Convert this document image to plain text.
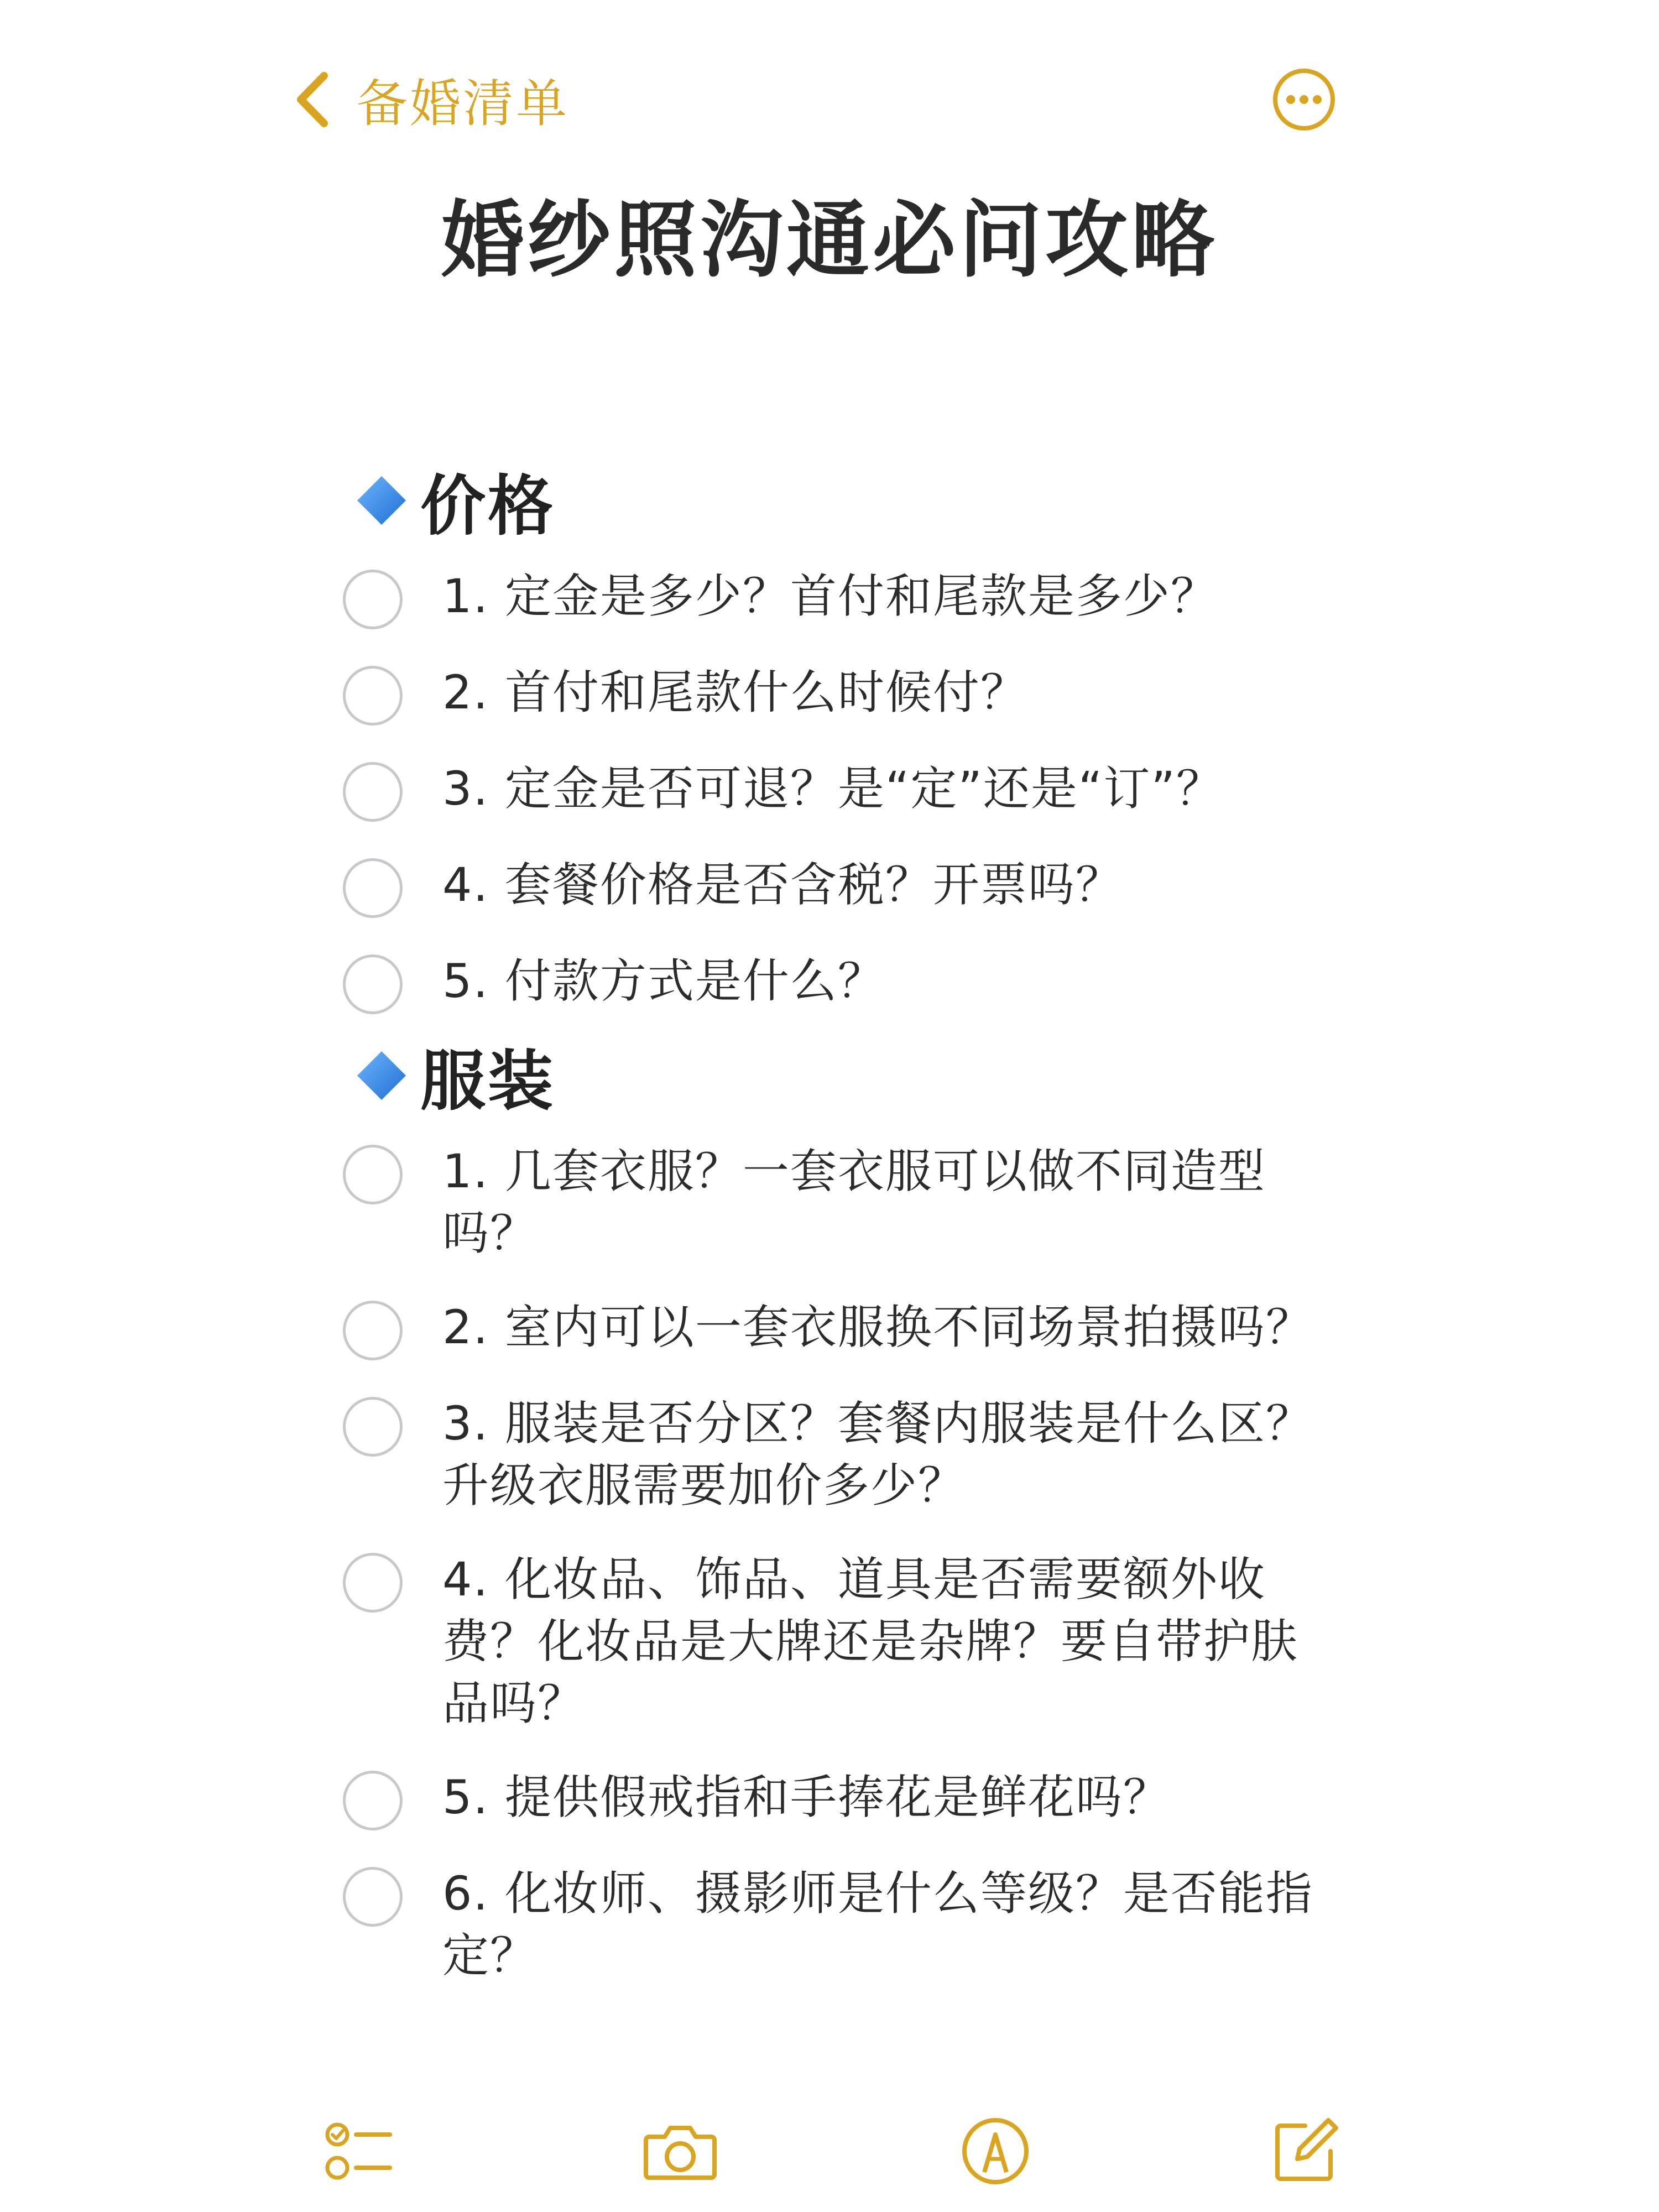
备婚清单
婚纱照沟通必问攻略
价格
1. 定金是多少？首付和尾款是多少？
2. 首付和尾款什么时候付？
3. 定金是否可退？是“定”还是“订”？
4. 套餐价格是否含税？开票吗？
5. 付款方式是什么？
服装
1. 几套衣服？一套衣服可以做不同造型吗？
2. 室内可以一套衣服换不同场景拍摄吗？
3. 服装是否分区？套餐内服装是什么区？升级衣服需要加价多少？
4. 化妆品、饰品、道具是否需要额外收费？化妆品是大牌还是杂牌？要自带护肤品吗？
5. 提供假戒指和手捧花是鲜花吗？
6. 化妆师、摄影师是什么等级？是否能指定？
